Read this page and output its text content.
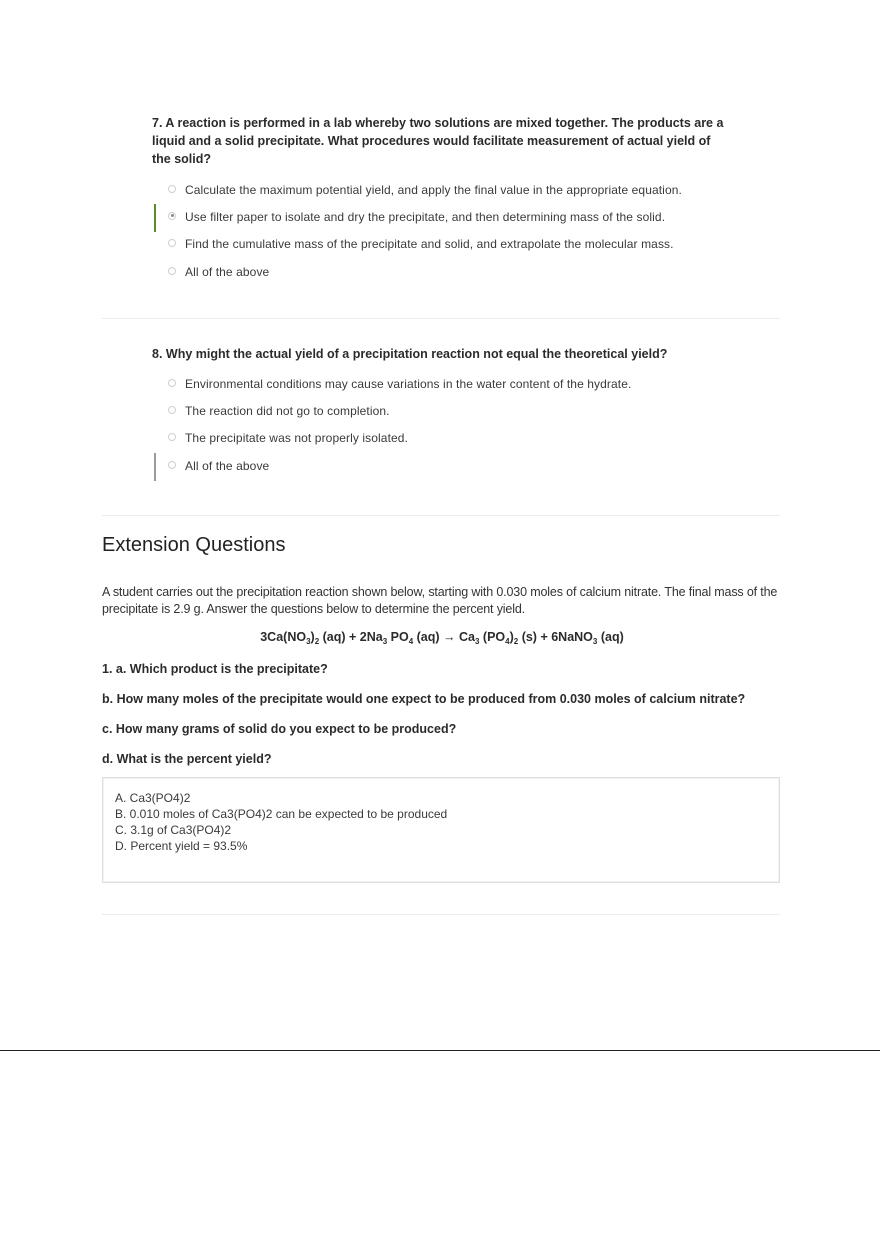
7. A reaction is performed in a lab whereby two solutions are mixed together. The products are a liquid and a solid precipitate. What procedures would facilitate measurement of actual yield of the solid?

Calculate the maximum potential yield, and apply the final value in the appropriate equation.
Use filter paper to isolate and dry the precipitate, and then determining mass of the solid.
Find the cumulative mass of the precipitate and solid, and extrapolate the molecular mass.
All of the above

8. Why might the actual yield of a precipitation reaction not equal the theoretical yield?

Environmental conditions may cause variations in the water content of the hydrate.
The reaction did not go to completion.
The precipitate was not properly isolated.
All of the above
Extension Questions

A student carries out the precipitation reaction shown below, starting with 0.030 moles of calcium nitrate. The final mass of the precipitate is 2.9 g. Answer the questions below to determine the percent yield.

$3Ca(NO_3)_2$ $(aq) + 2Na_3$ $PO_4$ $(aq) \to Ca_3$ $(PO_4)_2$ (s) + 6NaNO$_3$ (aq)

1. a. Which product is the precipitate?

b. How many moles of the precipitate would one expect to be produced from 0.030 moles of calcium nitrate?

c. How many grams of solid do you expect to be produced?

d. What is the percent yield?

A. Ca3(PO4)2

B. 0.010 moles of Ca3(PO4)2 can be expected to be produced

C. 3.1g of Ca3(PO4)2

D. Percent yield = 93.5%
